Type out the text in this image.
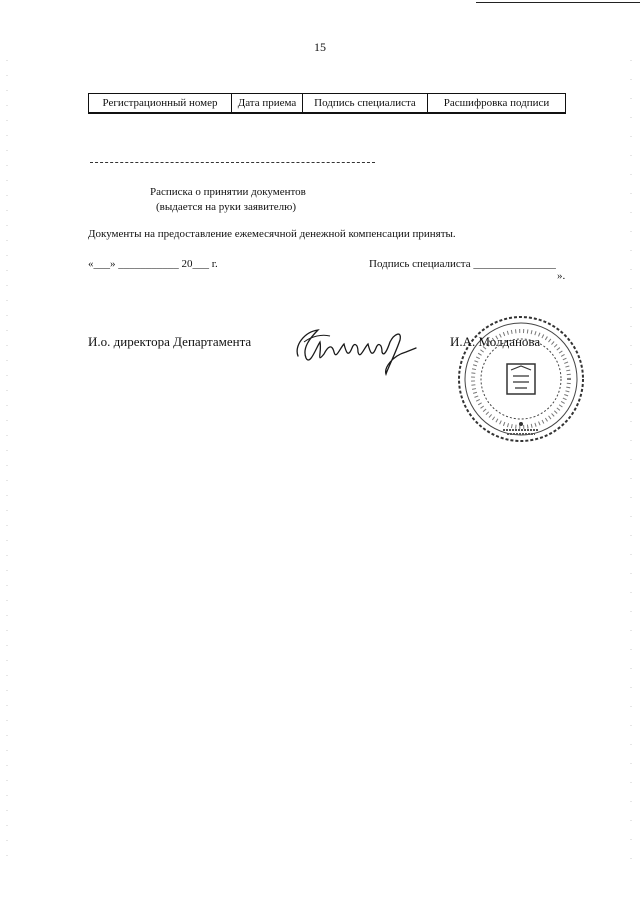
15
Регистрационный номер	Дата приема	Подпись специалиста	Расшифровка подписи
Расписка о принятии документов
(выдается на руки заявителю)
Документы на предоставление ежемесячной денежной компенсации приняты.
«___» ___________ 20___ г.	Подпись специалиста _______________
».
И.о. директора Департамента	И.А. Молданова
